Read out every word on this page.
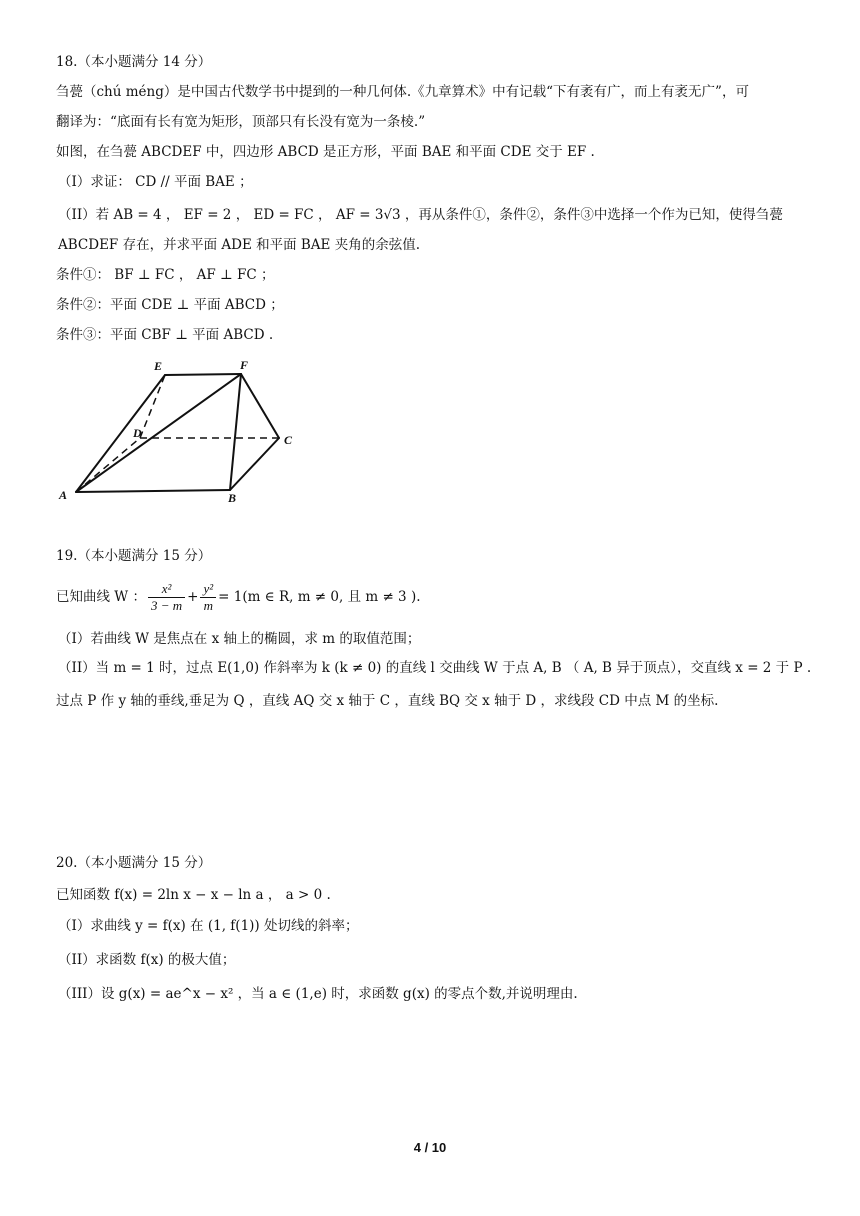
18.（本小题满分 14 分）
刍甍（chú méng）是中国古代数学书中提到的一种几何体.《九章算术》中有记载“下有袤有广，而上有袤无广”，可
翻译为：“底面有长有宽为矩形，顶部只有长没有宽为一条棱.”
如图，在刍甍 ABCDEF 中，四边形 ABCD 是正方形，平面 BAE 和平面 CDE 交于 EF .
（I）求证： CD // 平面 BAE ；
（II）若 AB = 4 ， EF = 2 ， ED = FC ， AF = 3√3 ，再从条件①，条件②，条件③中选择一个作为已知，使得刍甍
ABCDEF 存在，并求平面 ADE 和平面 BAE 夹角的余弦值.
条件①： BF ⊥ FC ， AF ⊥ FC ；
条件②：平面 CDE ⊥ 平面 ABCD ；
条件③：平面 CBF ⊥ 平面 ABCD .
E	F
D	C
A	B
19.（本小题满分 15 分）
已知曲线 W ： $\frac{\text{x²}}{3 - m} + \frac{\text{y²}}{m} = 1(m$ ∈ R, m ≠ 0, 且 m ≠ 3 ).
（I）若曲线 W 是焦点在 x 轴上的椭圆，求 m 的取值范围；
（II）当 m = 1 时，过点 E(1,0) 作斜率为 k (k ≠ 0) 的直线 l 交曲线 W 于点 A, B （ A, B 异于顶点），交直线 x = 2 于 P .
过点 P 作 y 轴的垂线,垂足为 Q ，直线 AQ 交 x 轴于 C ，直线 BQ 交 x 轴于 D ，求线段 CD 中点 M 的坐标.
20.（本小题满分 15 分）
已知函数 f(x) = 2ln x − x − ln a ， a > 0 .
（I）求曲线 y = f(x) 在 (1, f(1)) 处切线的斜率；
（II）求函数 f(x) 的极大值；
（III）设 g(x) = ae^x − x² ，当 a ∈ (1,e) 时，求函数 g(x) 的零点个数,并说明理由.
4 / 10
